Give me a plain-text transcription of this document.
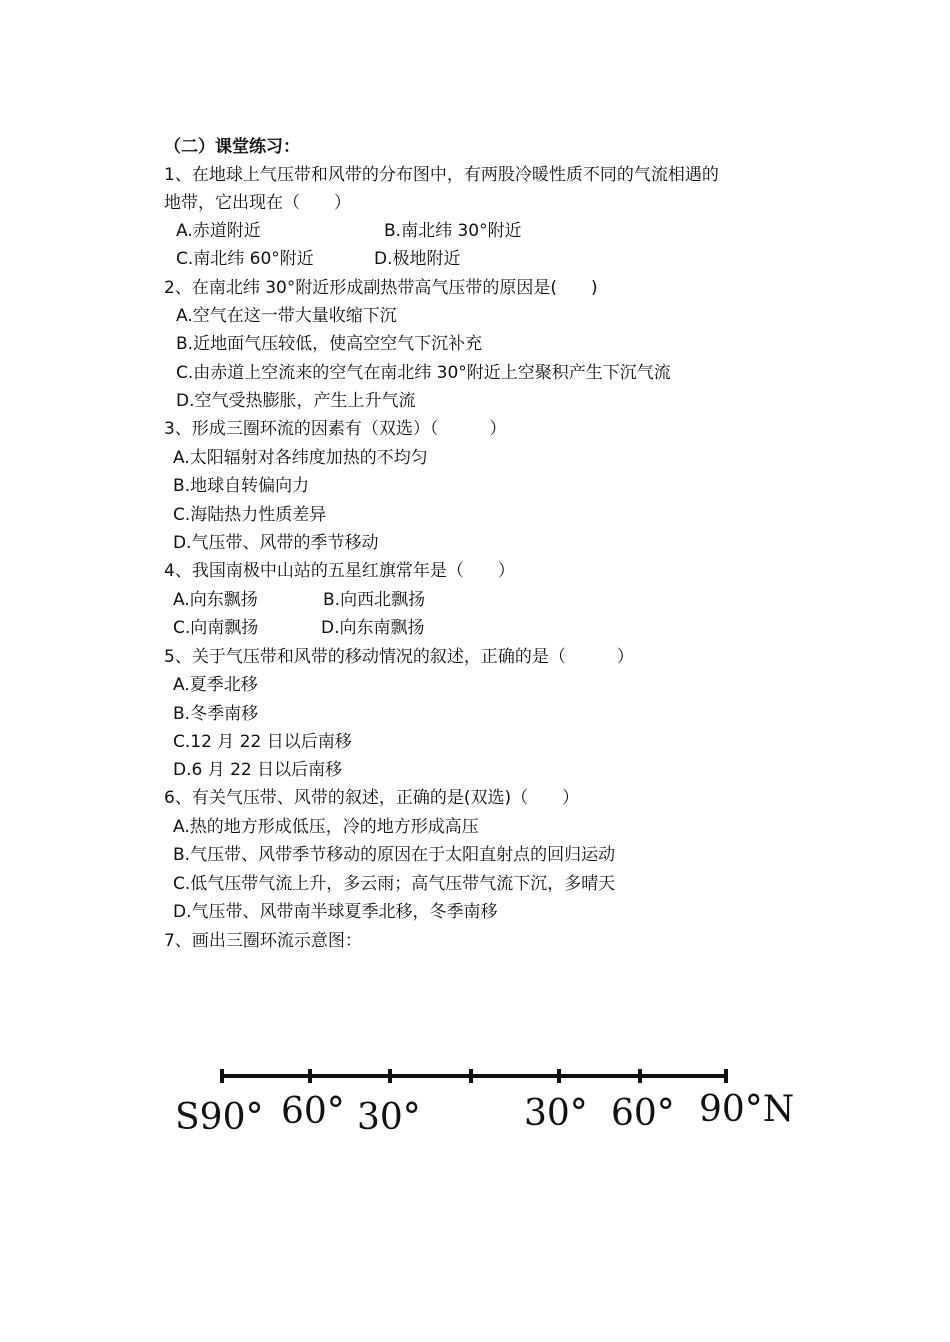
（二）课堂练习：
1、在地球上气压带和风带的分布图中，有两股冷暖性质不同的气流相遇的
地带，它出现在（　　）
A.赤道附近	B.南北纬 30°附近
C.南北纬 60°附近	D.极地附近
2、在南北纬 30°附近形成副热带高气压带的原因是(　　)
A.空气在这一带大量收缩下沉
B.近地面气压较低，使高空空气下沉补充
C.由赤道上空流来的空气在南北纬 30°附近上空聚积产生下沉气流
D.空气受热膨胀，产生上升气流
3、形成三圈环流的因素有（双选）（　　　）
A.太阳辐射对各纬度加热的不均匀
B.地球自转偏向力
C.海陆热力性质差异
D.气压带、风带的季节移动
4、我国南极中山站的五星红旗常年是（　　）
A.向东飘扬	B.向西北飘扬
C.向南飘扬	D.向东南飘扬
5、关于气压带和风带的移动情况的叙述，正确的是（　　　）
A.夏季北移
B.冬季南移
C.12 月 22 日以后南移
D.6 月 22 日以后南移
6、有关气压带、风带的叙述，正确的是(双选)（　　）
A.热的地方形成低压，冷的地方形成高压
B.气压带、风带季节移动的原因在于太阳直射点的回归运动
C.低气压带气流上升，多云雨；高气压带气流下沉，多晴天
D.气压带、风带南半球夏季北移，冬季南移
7、画出三圈环流示意图：
S90° 60° 30°	30° 60° 90°N
